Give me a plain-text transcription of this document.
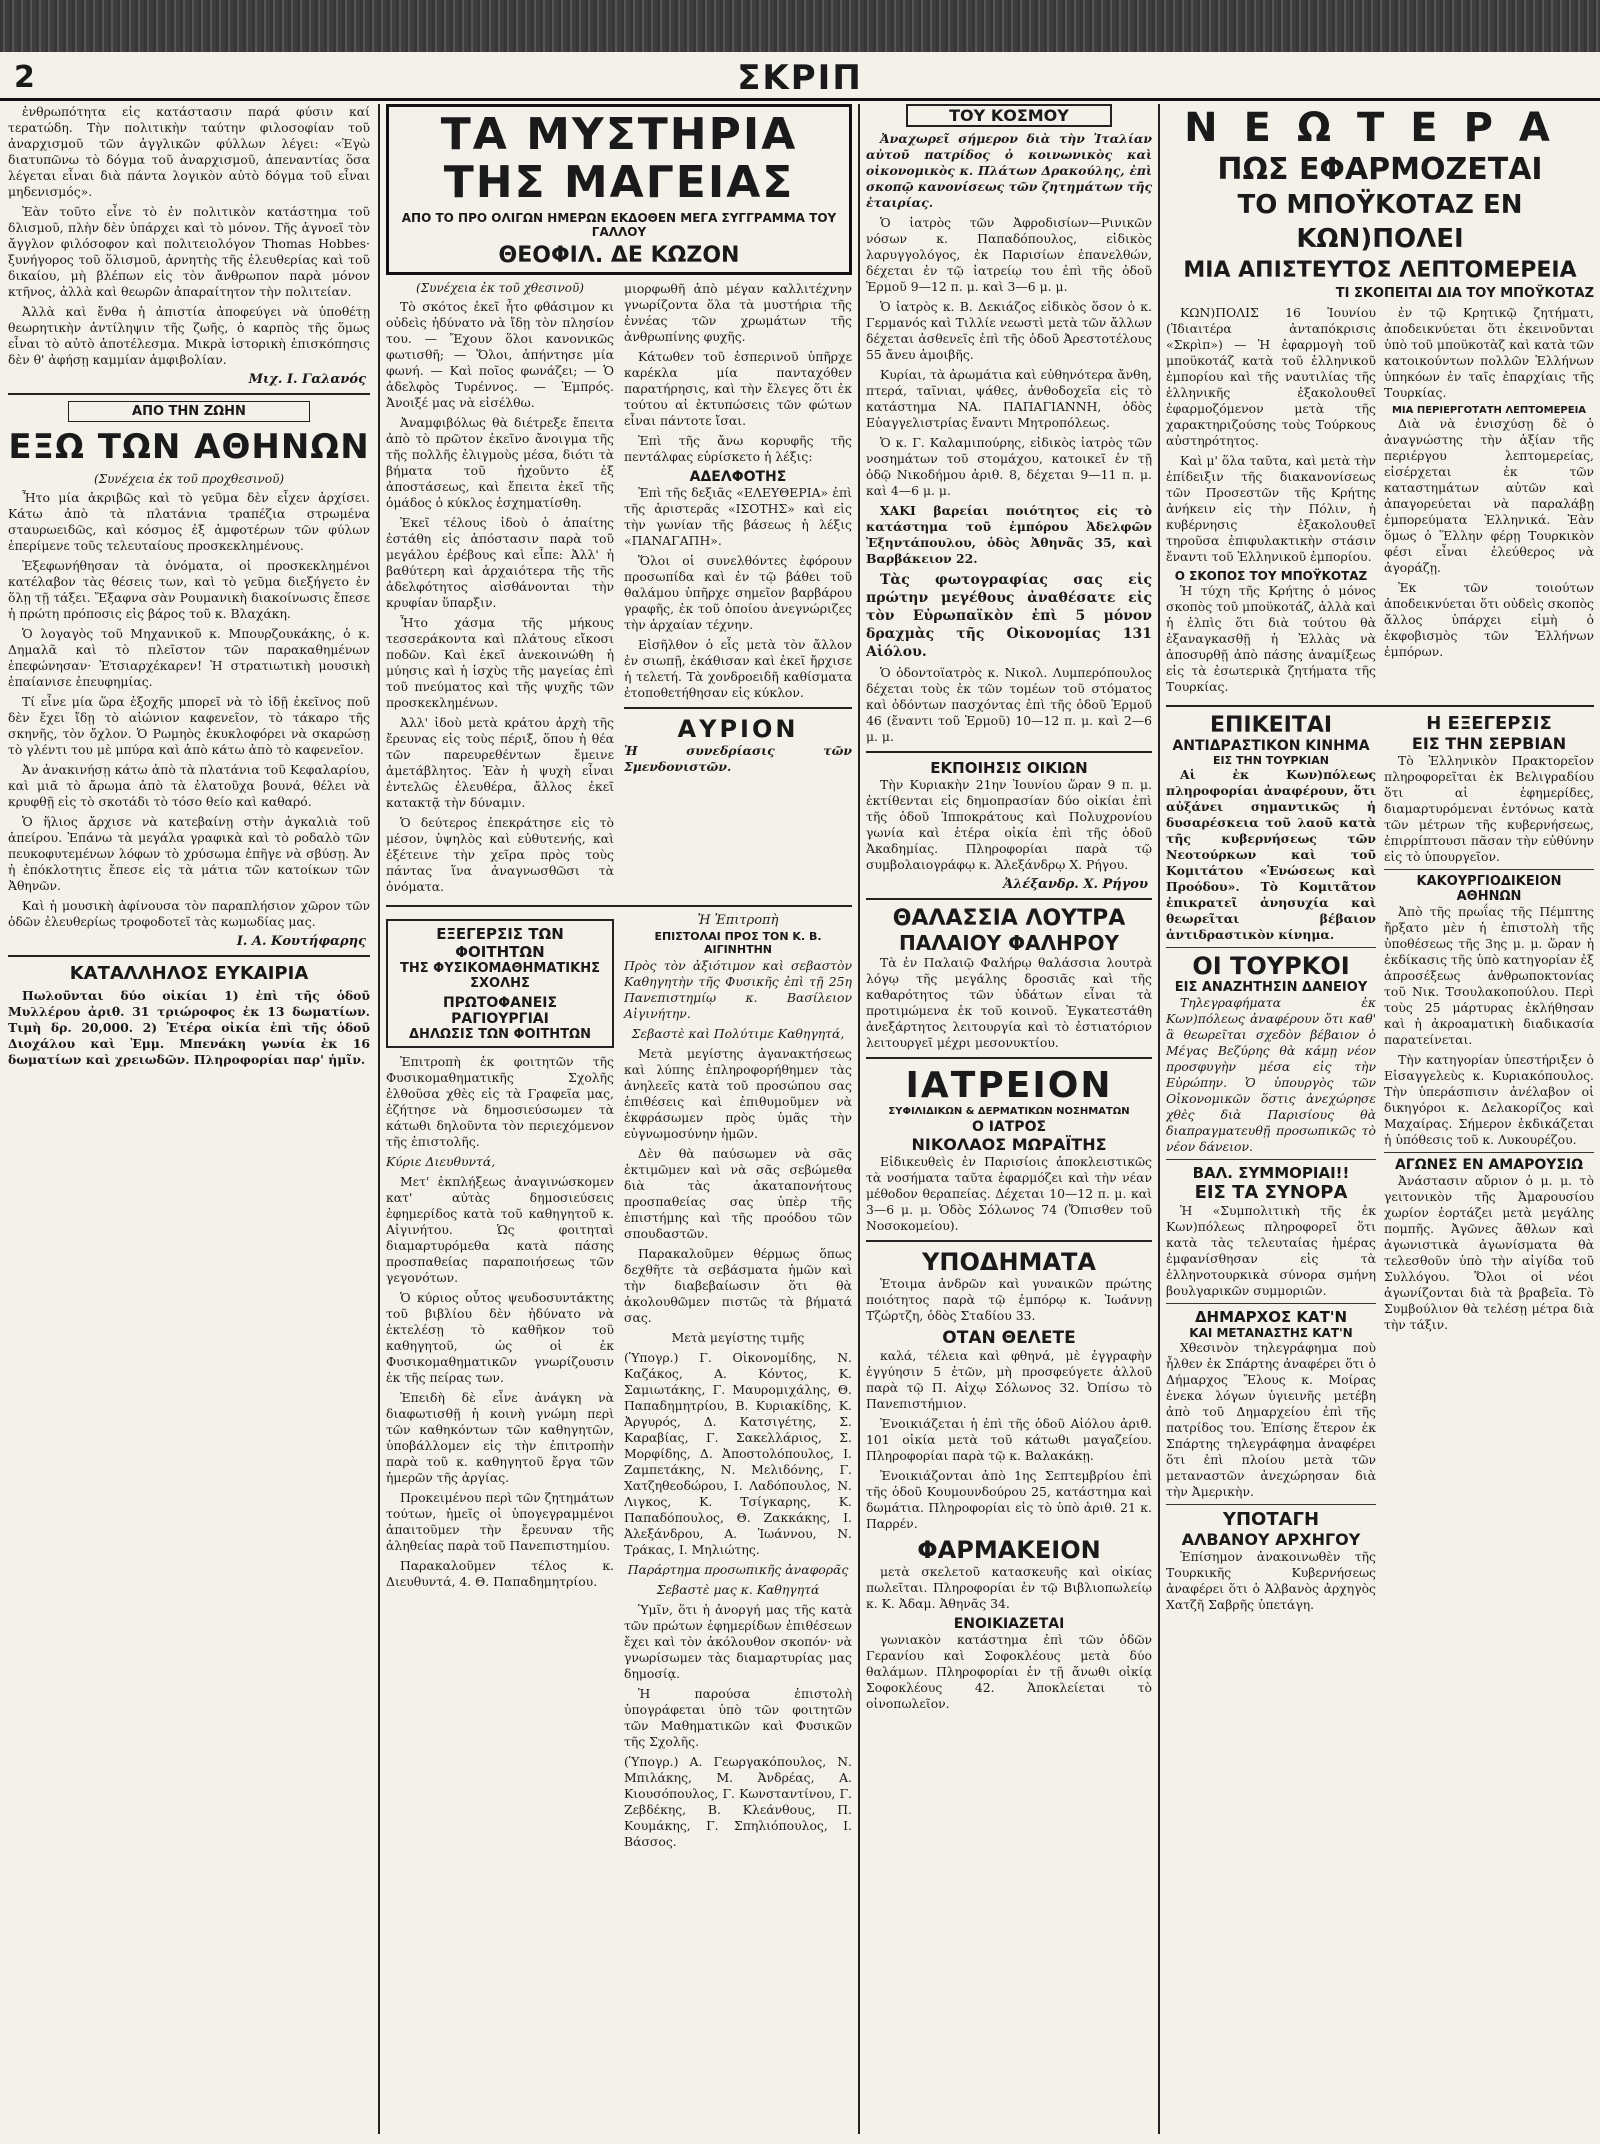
2	ΣΚΡΙΠ

ἐνθρωπότητα εἰς κατάστασιν παρά φύσιν καί τερατώδη. Τὴν πολιτικὴν ταύτην φιλοσοφίαν τοῦ ἀναρχισμοῦ τῶν ἀγγλικῶν φύλλων λέγει: «Ἐγὼ διατυπῶνω τὸ δόγμα τοῦ ἀναρχισμοῦ, ἀπεναντίας ὅσα λέγεται εἶναι διὰ πάντα λογικὸν αὐτὸ δόγμα τοῦ εἶναι μηδενισμός».

Ἐὰν τοῦτο εἶνε τὸ ἐν πολιτικὸν κατάστημα τοῦ δλισμοῦ, πλὴν δὲν ὑπάρχει καὶ τὸ μόνον. Τῆς ἀγνοεῖ τὸν ἄγγλον φιλόσοφον καὶ πολιτειολόγον Thomas Hobbes· ξυνήγορος τοῦ ὅλισμοῦ, ἀρνητὴς τῆς ἐλευθερίας καὶ τοῦ δικαίου, μὴ βλέπων εἰς τὸν ἄνθρωπον παρὰ μόνον κτῆνος, ἀλλὰ καὶ θεωρῶν ἀπαραίτητον τὴν πολιτείαν.

Ἀλλὰ καὶ ἔνθα ἡ ἀπιστία ἀποφεύγει νὰ ὑποθέτῃ θεωρητικὴν ἀντίληψιν τῆς ζωῆς, ὁ καρπὸς τῆς ὅμως εἶναι τὸ αὐτὸ ἀποτέλεσμα. Μικρὰ ἱστορικὴ ἐπισκόπησις δὲν θ' ἀφήσῃ καμμίαν ἀμφιβολίαν.

Μιχ. Ι. Γαλανός
ΑΠΟ ΤΗΝ ΖΩΗΝ
ΕΞΩ ΤΩΝ ΑΘΗΝΩΝ
(Συνέχεια ἐκ τοῦ προχθεσινοῦ)

Ἦτο μία ἀκριβῶς καὶ τὸ γεῦμα δὲν εἶχεν ἀρχίσει. Κάτω ἀπὸ τὰ πλατάνια τραπέζια στρωμένα σταυρωειδῶς, καὶ κόσμος ἐξ ἀμφοτέρων τῶν φύλων ἐπερίμενε τοῦς τελευταίους προσκεκλημένους.

Ἐξεφωνήθησαν τὰ ὀνόματα, οἱ προσκεκλημένοι κατέλαβον τὰς θέσεις των, καὶ τὸ γεῦμα διεξήγετο ἐν ὅλῃ τῇ τάξει. Ἔξαφνα σὰν Ρουμανικὴ διακοίνωσις ἔπεσε ἡ πρώτη πρόποσις εἰς βάρος τοῦ κ. Βλαχάκη.

Ὁ λογαγὸς τοῦ Μηχανικοῦ κ. Μπουρζουκάκης, ὁ κ. Δημαλᾶ καὶ τὸ πλεῖστον τῶν παρακαθημένων ἐπεφώνησαν· Ἐτσιαρχέκαρεν! Ἡ στρατιωτικὴ μουσικὴ ἐπαίανισε ἐπευφημίας.

Τί εἶνε μία ὥρα ἐξοχῆς μπορεῖ νὰ τὸ ἰδῇ ἐκεῖνος ποῦ δὲν ἔχει ἴδῃ τὸ αἰώνιον καφενεῖον, τὸ τάκαρο τῆς σκηνῆς, τὸν ὄχλον. Ὁ Ρωμηὸς ἐκυκλοφόρει νὰ σκαρώσῃ τὸ γλέντι του μὲ μπύρα καὶ ἀπὸ κάτω ἀπὸ τὸ καφενεῖον.

Ἀν ἀνακινήσῃ κάτω ἀπὸ τὰ πλατάνια τοῦ Κεφαλαρίου, καὶ μιᾶ τὸ ἄρωμα ἀπὸ τὰ ἑλατοῦχα βουνά, θέλει νὰ κρυφθῇ εἰς τὸ σκοτάδι τὸ τόσο θείο καὶ καθαρό.

Ὁ ἥλιος ἄρχισε νὰ κατεβαίνῃ στὴν ἀγκαλιὰ τοῦ ἀπείρου. Ἐπάνω τὰ μεγάλα γραφικὰ καὶ τὸ ροδαλὸ τῶν πευκοφυτεμένων λόφων τὸ χρύσωμα ἐπῆγε νὰ σβύσῃ. Ἀν ἡ ἐπόκλοτητις ἔπεσε εἰς τὰ μάτια τῶν κατοίκων τῶν Ἀθηνῶν.

Καὶ ἡ μουσικὴ ἀφίνουσα τὸν παραπλήσιον χῶρον τῶν ὁδῶν ἐλευθερίως τροφοδοτεῖ τὰς κωμωδίας μας.

Ι. Α. Κουτήφαρης
ΚΑΤΑΛΛΗΛΟΣ ΕΥΚΑΙΡΙΑ

Πωλοῦνται δύο οἰκίαι 1) ἐπὶ τῆς ὁδοῦ Μυλλέρου ἀριθ. 31 τριώροφος ἐκ 13 δωματίων. Τιμὴ δρ. 20,000. 2) Ἑτέρα οἰκία ἐπὶ τῆς ὁδοῦ Διοχάλου καὶ Ἐμμ. Μπενάκη γωνία ἐκ 16 δωματίων καὶ χρειωδῶν. Πληροφορίαι παρ' ἡμῖν.

ΤΑ ΜΥΣΤΗΡΙΑ
ΤΗΣ ΜΑΓΕΙΑΣ
ΑΠΟ ΤΟ ΠΡΟ ΟΛΙΓΩΝ ΗΜΕΡΩΝ ΕΚΔΟΘΕΝ ΜΕΓΑ ΣΥΓΓΡΑΜΜΑ ΤΟΥ ΓΑΛΛΟΥ
ΘΕΟΦΙΛ. ΔΕ ΚΩΖΟΝ
(Συνέχεια ἐκ τοῦ χθεσινοῦ)

Τὸ σκότος ἐκεῖ ἦτο φθάσιμον κι οὐδεὶς ἠδύνατο νὰ ἴδῃ τὸν πλησίον του. — Ἔχουν ὅλοι κανονικῶς φωτισθῆ; — Ὅλοι, ἀπήντησε μία φωνή. — Καὶ ποῖος φωνάζει; — Ὁ ἀδελφὸς Τυρέννος. — Ἐμπρός. Ἀνοιξέ μας νὰ εἰσέλθω.

Ἀναμφιβόλως θὰ διέτρεξε ἔπειτα ἀπὸ τὸ πρῶτον ἐκεῖνο ἄνοιγμα τῆς τῆς πολλῆς ἐλιγμοὺς μέσα, διότι τὰ βήματα τοῦ ἠχοῦντο ἐξ ἀποστάσεως, καὶ ἔπειτα ἐκεῖ τῆς ὁμάδος ὁ κύκλος ἐσχηματίσθη.

Ἐκεῖ τέλους ἰδοὺ ὁ ἀπαίτης ἐστάθη εἰς ἀπόστασιν παρὰ τοῦ μεγάλου ἐρέβους καὶ εἶπε: Ἀλλ' ἡ βαθύτερη καὶ ἀρχαιότερα τῆς τῆς ἀδελφότητος αἰσθάνονται τὴν κρυφίαν ὕπαρξιν.

Ἦτο χάσμα τῆς μήκους τεσσεράκοντα καὶ πλάτους εἴκοσι ποδῶν. Καὶ ἐκεῖ ἀνεκοινώθη ἡ μύησις καὶ ἡ ἰσχὺς τῆς μαγείας ἐπὶ τοῦ πνεύματος καὶ τῆς ψυχῆς τῶν προσκεκλημένων.

Ἀλλ' ἰδοὺ μετὰ κράτου ἀρχὴ τῆς ἔρευνας εἰς τοὺς πέριξ, ὅπου ἡ θέα τῶν παρευρεθέντων ἔμεινε ἀμετάβλητος. Ἐὰν ἡ ψυχὴ εἶναι ἐντελῶς ἐλευθέρα, ἄλλος ἐκεῖ κατακτᾷ τὴν δύναμιν.

Ὁ δεύτερος ἐπεκράτησε εἰς τὸ μέσον, ὑψηλὸς καὶ εὐθυτενής, καὶ ἐξέτεινε τὴν χεῖρα πρὸς τοὺς πάντας ἵνα ἀναγνωσθῶσι τὰ ὀνόματα.

μιορφωθῆ ἀπὸ μέγαν καλλιτέχνην γνωρίζοντα ὅλα τὰ μυστήρια τῆς ἐννέας τῶν χρωμάτων τῆς ἀνθρωπίνης φυχῆς.

Κάτωθεν τοῦ ἑσπερινοῦ ὑπῆρχε καρέκλα μία πανταχόθεν παρατήρησις, καὶ τὴν ἔλεγες ὅτι ἐκ τούτου αἱ ἐκτυπώσεις τῶν φώτων εἶναι πάντοτε ἴσαι.

Ἐπὶ τῆς ἄνω κορυφῆς τῆς πεντάλφας εὑρίσκετο ἡ λέξις:

ΑΔΕΛΦΟΤΗΣ

Ἐπὶ τῆς δεξιᾶς «ΕΛΕΥΘΕΡΙΑ» ἐπὶ τῆς ἀριστερᾶς «ΙΣΟΤΗΣ» καὶ εἰς τὴν γωνίαν τῆς βάσεως ἡ λέξις «ΠΑΝΑΓΑΠΗ».

Ὅλοι οἱ συνελθόντες ἐφόρουν προσωπίδα καὶ ἐν τῷ βάθει τοῦ θαλάμου ὑπῆρχε σημεῖον βαρβάρου γραφῆς, ἐκ τοῦ ὁποίου ἀνεγνώριζες τὴν ἀρχαίαν τέχνην.

Εἰσῆλθον ὁ εἷς μετὰ τὸν ἄλλον ἐν σιωπῇ, ἐκάθισαν καὶ ἐκεῖ ἤρχισε ἡ τελετή. Τὰ χονδροειδῆ καθίσματα ἐτοποθετήθησαν εἰς κύκλον.

ΑΥΡΙΟΝ

Ἡ συνεδρίασις τῶν Σμενδονιστῶν.

ΕΞΕΓΕΡΣΙΣ ΤΩΝ ΦΟΙΤΗΤΩΝ
ΤΗΣ ΦΥΣΙΚΟΜΑΘΗΜΑΤΙΚΗΣ ΣΧΟΛΗΣ
ΠΡΩΤΟΦΑΝΕΙΣ ΡΑΓΙΟΥΡΓΙΑΙ
ΔΗΛΩΣΙΣ ΤΩΝ ΦΟΙΤΗΤΩΝ

Ἐπιτροπὴ ἐκ φοιτητῶν τῆς Φυσικομαθηματικῆς Σχολῆς ἐλθοῦσα χθὲς εἰς τὰ Γραφεῖα μας, ἐζήτησε νὰ δημοσιεύσωμεν τὰ κάτωθι δηλοῦντα τὸν περιεχόμενον τῆς ἐπιστολῆς.

Κύριε Διευθυντά,

Μετ' ἐκπλήξεως ἀναγινώσκομεν κατ' αὐτὰς δημοσιεύσεις ἐφημερίδος κατὰ τοῦ καθηγητοῦ κ. Αἰγινήτου. Ὡς φοιτηταὶ διαμαρτυρόμεθα κατὰ πάσης προσπαθείας παραποιήσεως τῶν γεγονότων.

Ὁ κύριος οὗτος ψευδοσυντάκτης τοῦ βιβλίου δὲν ἠδύνατο νὰ ἐκτελέσῃ τὸ καθῆκον τοῦ καθηγητοῦ, ὡς οἱ ἐκ Φυσικομαθηματικῶν γνωρίζουσιν ἐκ τῆς πείρας των.

Ἐπειδὴ δὲ εἶνε ἀνάγκη νὰ διαφωτισθῇ ἡ κοινὴ γνώμη περὶ τῶν καθηκόντων τῶν καθηγητῶν, ὑποβάλλομεν εἰς τὴν ἐπιτροπὴν παρὰ τοῦ κ. καθηγητοῦ ἔργα τῶν ἡμερῶν τῆς ἀργίας.

Προκειμένου περὶ τῶν ζητημάτων τούτων, ἡμεῖς οἱ ὑπογεγραμμένοι ἀπαιτοῦμεν τὴν ἔρευναν τῆς ἀληθείας παρὰ τοῦ Πανεπιστημίου.

Παρακαλοῦμεν τέλος κ. Διευθυντά, 4. Θ. Παπαδημητρίου.

Ἡ Ἐπιτροπὴ
ΕΠΙΣΤΟΛΑΙ ΠΡΟΣ ΤΟΝ Κ. Β. ΑΙΓΙΝΗΤΗΝ

Πρὸς τὸν ἀξιότιμον καὶ σεβαστὸν Καθηγητὴν τῆς Φυσικῆς ἐπὶ τῇ 25η Πανεπιστημίῳ κ. Βασίλειον Αἰγινήτην.

Σεβαστὲ καὶ Πολύτιμε Καθηγητά,

Μετὰ μεγίστης ἀγανακτήσεως καὶ λύπης ἐπληροφορήθημεν τὰς ἀνηλεεῖς κατὰ τοῦ προσώπου σας ἐπιθέσεις καὶ ἐπιθυμοῦμεν νὰ ἐκφράσωμεν πρὸς ὑμᾶς τὴν εὐγνωμοσύνην ἡμῶν.

Δὲν θὰ παύσωμεν νὰ σᾶς ἐκτιμῶμεν καὶ νὰ σᾶς σεβώμεθα διὰ τὰς ἀκαταπονήτους προσπαθείας σας ὑπὲρ τῆς ἐπιστήμης καὶ τῆς προόδου τῶν σπουδαστῶν.

Παρακαλοῦμεν θέρμως ὅπως δεχθῆτε τὰ σεβάσματα ἡμῶν καὶ τὴν διαβεβαίωσιν ὅτι θὰ ἀκολουθῶμεν πιστῶς τὰ βήματά σας.

Μετὰ μεγίστης τιμῆς

(Ὑπογρ.) Γ. Οἰκονομίδης, Ν. Καζάκος, Α. Κόντος, Κ. Σαμιωτάκης, Γ. Μαυρομιχάλης, Θ. Παπαδημητρίου, Β. Κυριακίδης, Κ. Ἀργυρός, Δ. Κατσιγέτης, Σ. Καραβίας, Γ. Σακελλάριος, Σ. Μορφίδης, Δ. Ἀποστολόπουλος, Ι. Ζαμπετάκης, Ν. Μελιδόνης, Γ. Χατζηθεοδώρου, Ι. Λαδόπουλος, Ν. Λιγκος, Κ. Τσίγκαρης, Κ. Παπαδόπουλος, Θ. Ζακκάκης, Ι. Ἀλεξάνδρου, Α. Ἰωάννου, Ν. Τράκας, Ι. Μηλιώτης.

Παράρτημα προσωπικῆς ἀναφορᾶς

Σεβαστὲ μας κ. Καθηγητά

Ὑμῖν, ὅτι ἡ ἀνοργή μας τῆς κατὰ τῶν πρώτων ἐφημερίδων ἐπιθέσεων ἔχει καὶ τὸν ἀκόλουθον σκοπόν· νὰ γνωρίσωμεν τὰς διαμαρτυρίας μας δημοσίᾳ.

Ἡ παρούσα ἐπιστολὴ ὑπογράφεται ὑπὸ τῶν φοιτητῶν τῶν Μαθηματικῶν καὶ Φυσικῶν τῆς Σχολῆς.

(Ὑπογρ.) Α. Γεωργακόπουλος, Ν. Μπιλάκης, Μ. Ἀνδρέας, Α. Κιουσόπουλος, Γ. Κωνσταντίνου, Γ. Ζεβδέκης, Β. Κλεάνθους, Π. Κουμάκης, Γ. Σπηλιόπουλος, Ι. Βάσσος.

ΤΟΥ ΚΟΣΜΟΥ

Ἀναχωρεῖ σήμερον διὰ τὴν Ἰταλίαν αὐτοῦ πατρίδος ὁ κοινωνικὸς καὶ οἰκονομικὸς κ. Πλάτων Δρακούλης, ἐπὶ σκοπῷ κανονίσεως τῶν ζητημάτων τῆς ἐταιρίας.

Ὁ ἰατρὸς τῶν Ἀφροδισίων—Ρινικῶν νόσων κ. Παπαδόπουλος, εἰδικὸς λαρυγγολόγος, ἐκ Παρισίων ἐπανελθών, δέχεται ἐν τῷ ἰατρείῳ του ἐπὶ τῆς ὁδοῦ Ἑρμοῦ 9—12 π. μ. καὶ 3—6 μ. μ.

Ὁ ἰατρὸς κ. Β. Δεκιάζος εἰδικὸς ὅσον ὁ κ. Γερμανός καὶ Τιλλίε νεωστὶ μετὰ τῶν ἄλλων δέχεται ἀσθενεῖς ἐπὶ τῆς ὁδοῦ Ἀρεστοτέλους 55 ἄνευ ἀμοιβῆς.

Κυρίαι, τὰ ἀρωμάτια καὶ εὐθηνότερα ἄνθη, πτερά, ταῖνιαι, ψάθες, ἀνθοδοχεῖα εἰς τὸ κατάστημα ΝΑ. ΠΑΠΑΓΙΑΝΝΗ, ὁδὸς Εὐαγγελιστρίας ἔναντι Μητροπόλεως.

Ὁ κ. Γ. Καλαμιπούρης, εἰδικὸς ἰατρὸς τῶν νοσημάτων τοῦ στομάχου, κατοικεῖ ἐν τῇ ὁδῷ Νικοδήμου ἀριθ. 8, δέχεται 9—11 π. μ. καὶ 4—6 μ. μ.

ΧΑΚΙ βαρείαι ποιότητος εἰς τὸ κατάστημα τοῦ ἐμπόρου Ἀδελφῶν Ἐξηντάπουλου, ὁδὸς Ἀθηνᾶς 35, καὶ Βαρβάκειον 22.

Τὰς φωτογραφίας σας εἰς πρώτην μεγέθους ἀναθέσατε εἰς τὸν Εὐρωπαϊκὸν ἐπὶ 5 μόνον δραχμὰς τῆς Οἰκονομίας 131 Αἰόλου.

Ὁ ὀδοντοϊατρὸς κ. Νικολ. Λυμπερόπουλος δέχεται τοὺς ἐκ τῶν τομέων τοῦ στόματος καὶ ὀδόντων πασχόντας ἐπὶ τῆς ὁδοῦ Ἑρμοῦ 46 (ἔναντι τοῦ Ἑρμοῦ) 10—12 π. μ. καὶ 2—6 μ. μ.

ΕΚΠΟΙΗΣΙΣ ΟΙΚΙΩΝ

Τὴν Κυριακὴν 21ην Ἰουνίου ὥραν 9 π. μ. ἐκτίθενται εἰς δημοπρασίαν δύο οἰκίαι ἐπὶ τῆς ὁδοῦ Ἰπποκράτους καὶ Πολυχρονίου γωνία καὶ ἑτέρα οἰκία ἐπὶ τῆς ὁδοῦ Ἀκαδημίας. Πληροφορίαι παρὰ τῷ συμβολαιογράφῳ κ. Ἀλεξάνδρῳ Χ. Ρήγου.

Ἀλέξανδρ. Χ. Ρήγου
ΘΑΛΑΣΣΙΑ ΛΟΥΤΡΑ
ΠΑΛΑΙΟΥ ΦΑΛΗΡΟΥ

Τὰ ἐν Παλαιῷ Φαλήρῳ θαλάσσια λουτρὰ λόγῳ τῆς μεγάλης δροσιᾶς καὶ τῆς καθαρότητος τῶν ὑδάτων εἶναι τὰ προτιμώμενα ἐκ τοῦ κοινοῦ. Ἐγκατεστάθη ἀνεξάρτητος λειτουργία καὶ τὸ ἐστιατόριον λειτουργεῖ μέχρι μεσονυκτίου.

ΙΑΤΡΕΙΟΝ
ΣΥΦΙΛΙΔΙΚΩΝ & ΔΕΡΜΑΤΙΚΩΝ ΝΟΣΗΜΑΤΩΝ
Ο ΙΑΤΡΟΣ
ΝΙΚΟΛΑΟΣ ΜΩΡΑΪΤΗΣ

Εἰδικευθεὶς ἐν Παρισίοις ἀποκλειστικῶς τὰ νοσήματα ταῦτα ἐφαρμόζει καὶ τὴν νέαν μέθοδον θεραπείας. Δέχεται 10—12 π. μ. καὶ 3—6 μ. μ. Ὁδὸς Σόλωνος 74 (Ὄπισθεν τοῦ Νοσοκομείου).

ΥΠΟΔΗΜΑΤΑ

Ἑτοιμα ἀνδρῶν καὶ γυναικῶν πρώτης ποιότητος παρὰ τῷ ἐμπόρῳ κ. Ἰωάννῃ Τζώρτζη, ὁδὸς Σταδίου 33.

ΟΤΑΝ ΘΕΛΕΤΕ

καλά, τέλεια καὶ φθηνά, μὲ ἐγγραφὴν ἐγγύησιν 5 ἐτῶν, μὴ προσφεύγετε ἀλλοῦ παρὰ τῷ Π. Αἰχῳ Σόλωνος 32. Ὀπίσω τὸ Πανεπιστήμιον.

Ἐνοικιάζεται ἡ ἐπὶ τῆς ὁδοῦ Αἰόλου ἀριθ. 101 οἰκία μετὰ τοῦ κάτωθι μαγαζείου. Πληροφορίαι παρὰ τῷ κ. Βαλακάκῃ.

Ἐνοικιάζονται ἀπὸ 1ης Σεπτεμβρίου ἐπὶ τῆς ὁδοῦ Κουμουνδούρου 25, κατάστημα καὶ δωμάτια. Πληροφορίαι εἰς τὸ ὑπὸ ἀριθ. 21 κ. Παρρέν.

ΦΑΡΜΑΚΕΙΟΝ

μετὰ σκελετοῦ κατασκευῆς καὶ οἰκίας πωλεῖται. Πληροφορίαι ἐν τῷ Βιβλιοπωλείῳ κ. Κ. Ἀδαμ. Ἀθηνᾶς 34.

ΕΝΟΙΚΙΑΖΕΤΑΙ

γωνιακὸν κατάστημα ἐπὶ τῶν ὁδῶν Γερανίου καὶ Σοφοκλέους μετὰ δύο θαλάμων. Πληροφορίαι ἐν τῇ ἄνωθι οἰκίᾳ Σοφοκλέους 42. Ἀποκλείεται τὸ οἰνοπωλεῖον.

ΝΕΩΤΕΡΑ
ΠΩΣ ΕΦΑΡΜΟΖΕΤΑΙ
ΤΟ ΜΠΟΫΚΟΤΑΖ ΕΝ ΚΩΝ)ΠΟΛΕΙ
ΜΙΑ ΑΠΙΣΤΕΥΤΟΣ ΛΕΠΤΟΜΕΡΕΙΑ
ΤΙ ΣΚΟΠΕΙΤΑΙ ΔΙΑ ΤΟΥ ΜΠΟΫΚΟΤΑΖ

ΚΩΝ)ΠΟΛΙΣ 16 Ἰουνίου (Ἰδιαιτέρα ἀνταπόκρισις «Σκρὶπ») — Ἡ ἐφαρμογὴ τοῦ μποϋκοτάζ κατὰ τοῦ ἑλληνικοῦ ἐμπορίου καὶ τῆς ναυτιλίας τῆς ἑλληνικῆς ἐξακολουθεῖ ἐφαρμοζόμενον μετὰ τῆς χαρακτηριζούσης τοὺς Τούρκους αὐστηρότητος.

Καὶ μ' ὅλα ταῦτα, καὶ μετὰ τὴν ἐπίδειξιν τῆς διακανονίσεως τῶν Προσεστῶν τῆς Κρήτης ἀνήκειν εἰς τὴν Πόλιν, ἡ κυβέρνησις ἐξακολουθεῖ τηροῦσα ἐπιφυλακτικὴν στάσιν ἔναντι τοῦ Ἑλληνικοῦ ἐμπορίου.

Ο ΣΚΟΠΟΣ ΤΟΥ ΜΠΟΫΚΟΤΑΖ

Ἡ τύχη τῆς Κρήτης ὁ μόνος σκοπὸς τοῦ μποϋκοτάζ, ἀλλὰ καὶ ἡ ἐλπὶς ὅτι διὰ τούτου θὰ ἐξαναγκασθῇ ἡ Ἑλλὰς νὰ ἀποσυρθῇ ἀπὸ πάσης ἀναμίξεως εἰς τὰ ἐσωτερικὰ ζητήματα τῆς Τουρκίας.

ἐν τῷ Κρητικῷ ζητήματι, ἀποδεικνύεται ὅτι ἐκεινοῦνται ὑπὸ τοῦ μποϋκοτὰζ καὶ κατὰ τῶν κατοικούντων πολλῶν Ἑλλήνων ὑπηκόων ἐν ταῖς ἐπαρχίαις τῆς Τουρκίας.

ΜΙΑ ΠΕΡΙΕΡΓΟΤΑΤΗ ΛΕΠΤΟΜΕΡΕΙΑ

Διὰ νὰ ἐνισχύσῃ δὲ ὁ ἀναγνώστης τὴν ἀξίαν τῆς περιέργου λεπτομερείας, εἰσέρχεται ἐκ τῶν καταστημάτων αὐτῶν καὶ ἀπαγορεύεται νὰ παραλάβῃ ἐμπορεύματα Ἑλληνικά. Ἐὰν ὅμως ὁ Ἕλλην φέρῃ Τουρκικὸν φέσι εἶναι ἐλεύθερος νὰ ἀγοράζῃ.

Ἐκ τῶν τοιούτων ἀποδεικνύεται ὅτι οὐδεὶς σκοπὸς ἄλλος ὑπάρχει εἰμὴ ὁ ἐκφοβισμὸς τῶν Ἑλλήνων ἐμπόρων.

ΕΠΙΚΕΙΤΑΙ
ΑΝΤΙΔΡΑΣΤΙΚΟΝ ΚΙΝΗΜΑ
ΕΙΣ ΤΗΝ ΤΟΥΡΚΙΑΝ

Αἱ ἐκ Κων)πόλεως πληροφορίαι ἀναφέρουν, ὅτι αὐξάνει σημαντικῶς ἡ δυσαρέσκεια τοῦ λαοῦ κατὰ τῆς κυβερνήσεως τῶν Νεοτούρκων καὶ τοῦ Κομιτάτου «Ἑνώσεως καὶ Προόδου». Τὸ Κομιτᾶτον ἐπικρατεῖ ἀνησυχία καὶ θεωρεῖται βέβαιον ἀντιδραστικὸν κίνημα.

ΟΙ ΤΟΥΡΚΟΙ
ΕΙΣ ΑΝΑΖΗΤΗΣΙΝ ΔΑΝΕΙΟΥ

Τηλεγραφήματα ἐκ Κων)πόλεως ἀναφέρουν ὅτι καθ' ἃ θεωρεῖται σχεδὸν βέβαιον ὁ Μέγας Βεζύρης θὰ κάμῃ νέον προσφυγὴν μέσα εἰς τὴν Εὐρώπην. Ὁ ὑπουργὸς τῶν Οἰκονομικῶν ὅστις ἀνεχώρησε χθὲς διὰ Παρισίους θὰ διαπραγματευθῇ προσωπικῶς τὸ νέον δάνειον.

ΒΑΛ. ΣΥΜΜΟΡΙΑΙ!!
ΕΙΣ ΤΑ ΣΥΝΟΡΑ

Ἡ «Συμπολιτικὴ τῆς ἐκ Κων)πόλεως πληροφορεῖ ὅτι κατὰ τὰς τελευταίας ἡμέρας ἐμφανίσθησαν εἰς τὰ ἑλληνοτουρκικὰ σύνορα σμήνη βουλγαρικῶν συμμοριῶν.

ΔΗΜΑΡΧΟΣ ΚΑΤ'Ν
ΚΑΙ ΜΕΤΑΝΑΣΤΗΣ ΚΑΤ'Ν

Χθεσινὸν τηλεγράφημα ποὺ ἦλθεν ἐκ Σπάρτης ἀναφέρει ὅτι ὁ Δήμαρχος Ἔλους κ. Μοίρας ἐνεκα λόγων ὑγιεινῆς μετέβη ἀπὸ τοῦ Δημαρχείου ἐπὶ τῆς πατρίδος του. Ἐπίσης ἕτερον ἐκ Σπάρτης τηλεγράφημα ἀναφέρει ὅτι ἐπὶ πλοίου μετὰ τῶν μεταναστῶν ἀνεχώρησαν διὰ τὴν Ἀμερικὴν.

ΥΠΟΤΑΓΗ
ΑΛΒΑΝΟΥ ΑΡΧΗΓΟΥ

Ἐπίσημον ἀνακοινωθὲν τῆς Τουρκικῆς Κυβερνήσεως ἀναφέρει ὅτι ὁ Ἀλβανὸς ἀρχηγὸς Χατζῆ Σαβρῆς ὑπετάγη.

Η ΕΞΕΓΕΡΣΙΣ
ΕΙΣ ΤΗΝ ΣΕΡΒΙΑΝ

Τὸ Ἑλληνικὸν Πρακτορεῖον πληροφορεῖται ἐκ Βελιγραδίου ὅτι αἱ ἐφημερίδες, διαμαρτυρόμεναι ἐντόνως κατὰ τῶν μέτρων τῆς κυβερνήσεως, ἐπιρρίπτουσι πᾶσαν τὴν εὐθύνην εἰς τὸ ὑπουργεῖον.

ΚΑΚΟΥΡΓΙΟΔΙΚΕΙΟΝ ΑΘΗΝΩΝ

Ἀπὸ τῆς πρωΐας τῆς Πέμπτης ἤρξατο μὲν ἡ ἐπιστολὴ τῆς ὑποθέσεως τῆς 3ης μ. μ. ὥραν ἡ ἐκδίκασις τῆς ὑπὸ κατηγορίαν ἐξ ἀπροσέξεως ἀνθρωποκτονίας τοῦ Νικ. Τσουλακοπούλου. Περὶ τοὺς 25 μάρτυρας ἐκλήθησαν καὶ ἡ ἀκροαματικὴ διαδικασία παρατείνεται.

Τὴν κατηγορίαν ὑπεστήριξεν ὁ Εἰσαγγελεὺς κ. Κυριακόπουλος. Τὴν ὑπεράσπισιν ἀνέλαβον οἱ δικηγόροι κ. Δελακορίζος καὶ Μαχαίρας. Σήμερον ἐκδικάζεται ἡ ὑπόθεσις τοῦ κ. Λυκουρέζου.

ΑΓΩΝΕΣ ΕΝ ΑΜΑΡΟΥΣΙΩ

Ἀνάστασιν αὔριον ὁ μ. μ. τὸ γειτονικὸν τῆς Ἀμαρουσίου χωρίον ἑορτάζει μετὰ μεγάλης πομπῆς. Ἀγῶνες ἄθλων καὶ ἀγωνιστικὰ ἀγωνίσματα θὰ τελεσθοῦν ὑπὸ τὴν αἰγίδα τοῦ Συλλόγου. Ὅλοι οἱ νέοι ἀγωνίζονται διὰ τὰ βραβεῖα. Τὸ Συμβούλιον θὰ τελέσῃ μέτρα διὰ τὴν τάξιν.
